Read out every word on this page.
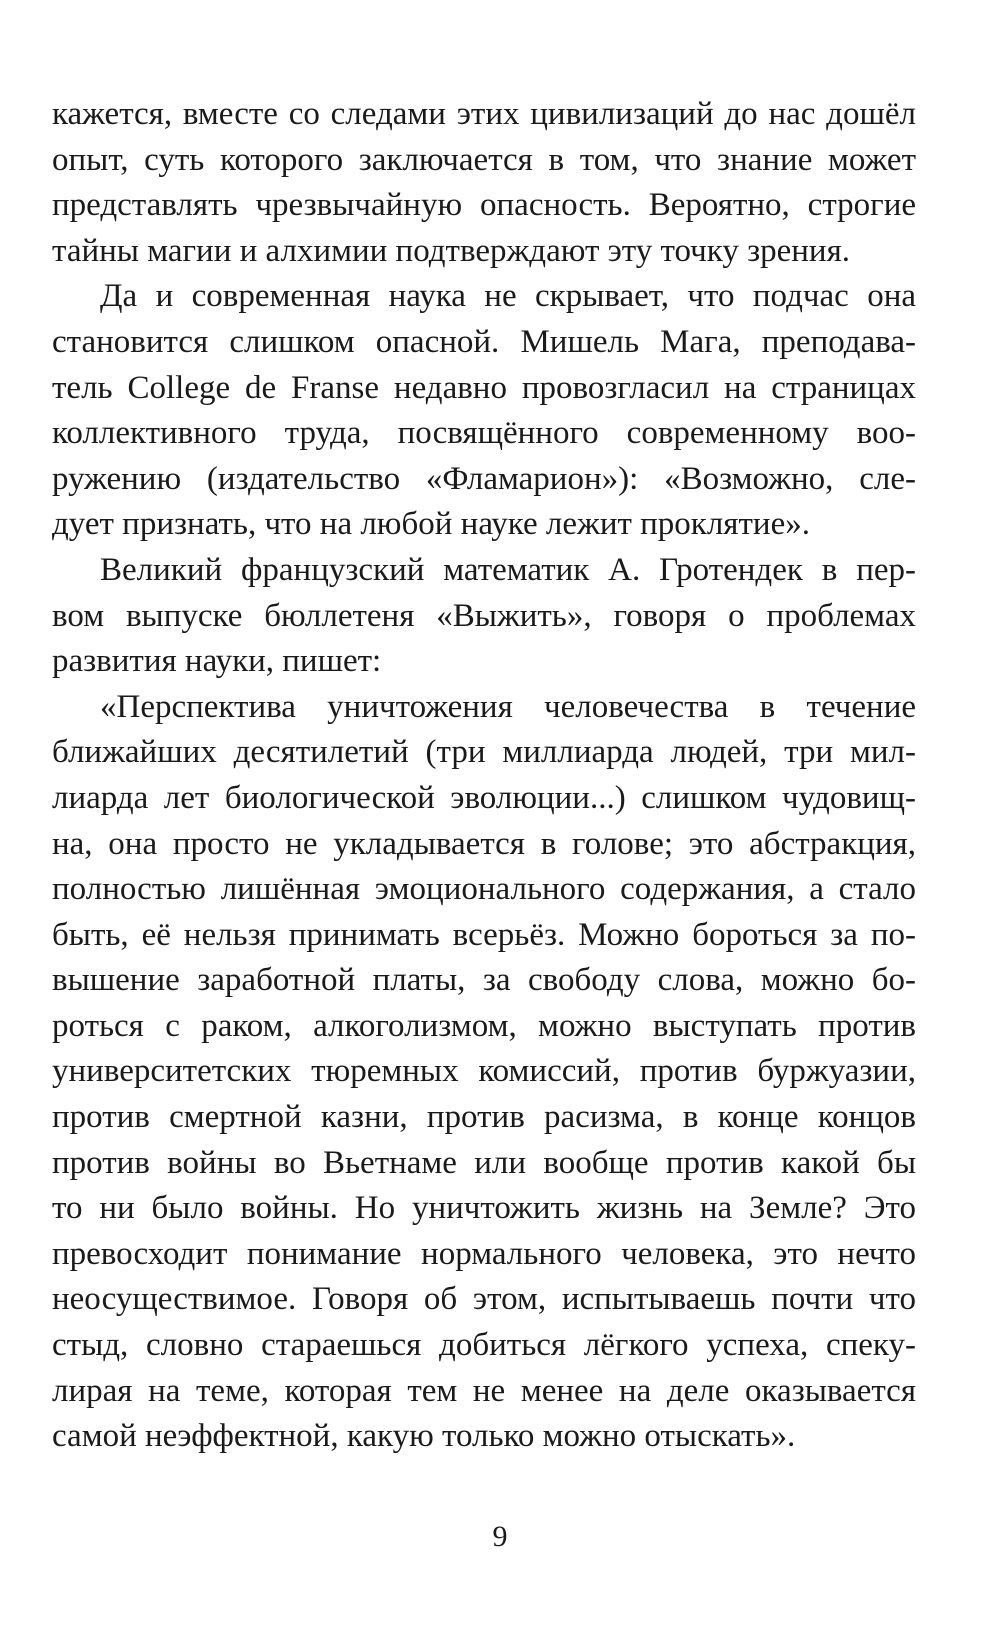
кажется, вместе со следами этих цивилизаций до нас дошёл
опыт, суть которого заключается в том, что знание может
представлять чрезвычайную опасность. Вероятно, строгие
тайны магии и алхимии подтверждают эту точку зрения.
Да и современная наука не скрывает, что подчас она
становится слишком опасной. Мишель Мага, преподава-
тель College de Franse недавно провозгласил на страницах
коллективного труда, посвящённого современному воо-
ружению (издательство «Фламарион»): «Возможно, сле-
дует признать, что на любой науке лежит проклятие».
Великий французский математик А. Гротендек в пер-
вом выпуске бюллетеня «Выжить», говоря о проблемах
развития науки, пишет:
«Перспектива уничтожения человечества в течение
ближайших десятилетий (три миллиарда людей, три мил-
лиарда лет биологической эволюции...) слишком чудовищ-
на, она просто не укладывается в голове; это абстракция,
полностью лишённая эмоционального содержания, а стало
быть, её нельзя принимать всерьёз. Можно бороться за по-
вышение заработной платы, за свободу слова, можно бо-
роться с раком, алкоголизмом, можно выступать против
университетских тюремных комиссий, против буржуазии,
против смертной казни, против расизма, в конце концов
против войны во Вьетнаме или вообще против какой бы
то ни было войны. Но уничтожить жизнь на Земле? Это
превосходит понимание нормального человека, это нечто
неосуществимое. Говоря об этом, испытываешь почти что
стыд, словно стараешься добиться лёгкого успеха, спеку-
лирая на теме, которая тем не менее на деле оказывается
самой неэффектной, какую только можно отыскать».
9
